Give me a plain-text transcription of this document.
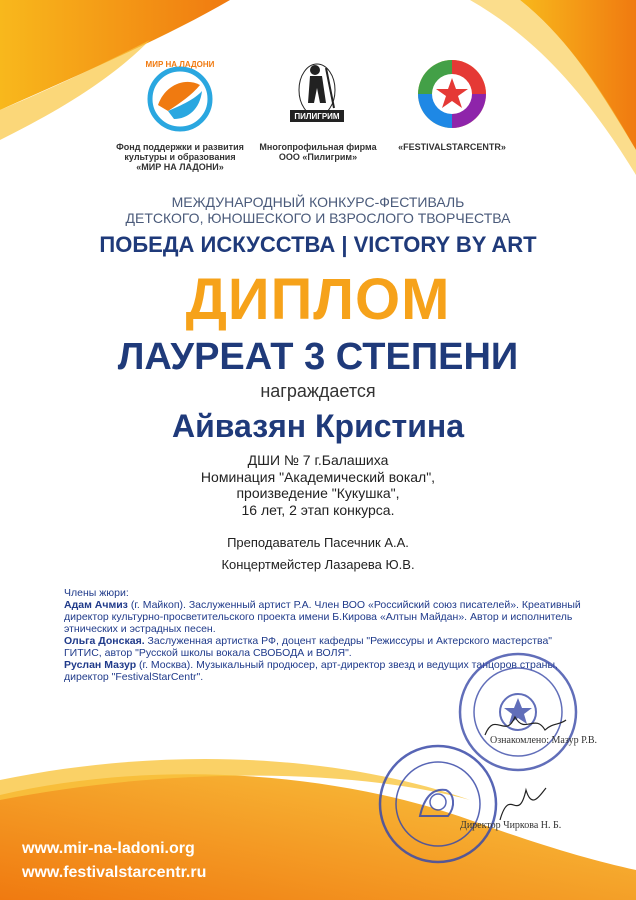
МИР НА ЛАДОНИ
Фонд поддержки и развития культуры и образования «МИР НА ЛАДОНИ»
ПИЛИГРИМ
Многопрофильная фирма ООО «Пилигрим»
«FESTIVALSTARCENTR»
МЕЖДУНАРОДНЫЙ КОНКУРС-ФЕСТИВАЛЬ
ДЕТСКОГО, ЮНОШЕСКОГО И ВЗРОСЛОГО ТВОРЧЕСТВА
ПОБЕДА ИСКУССТВА | VICTORY BY ART
ДИПЛОМ
ЛАУРЕАТ 3 СТЕПЕНИ
награждается
Айвазян Кристина
ДШИ № 7 г.Балашиха
Номинация "Академический вокал",
произведение "Кукушка",
16 лет, 2 этап конкурса.
Преподаватель Пасечник А.А.
Концертмейстер Лазарева Ю.В.
Члены жюри:
Адам Ачмиз (г. Майкоп). Заслуженный артист Р.А. Член ВОО «Российский союз писателей». Креативный директор культурно-просветительского проекта имени Б.Кирова «Алтын Майдан». Автор и исполнитель этнических и эстрадных песен.
Ольга Донская. Заслуженная артистка РФ, доцент кафедры "Режиссуры и Актерского мастерства" ГИТИС, автор "Русской школы вокала СВОБОДА и ВОЛЯ".
Руслан Мазур (г. Москва). Музыкальный продюсер, арт-директор звезд и ведущих танцоров страны, директор "FestivalStarCentr".
Ознакомлено: Мазур Р.В.
Директор Чиркова Н. Б.
www.mir-na-ladoni.org
www.festivalstarcentr.ru
